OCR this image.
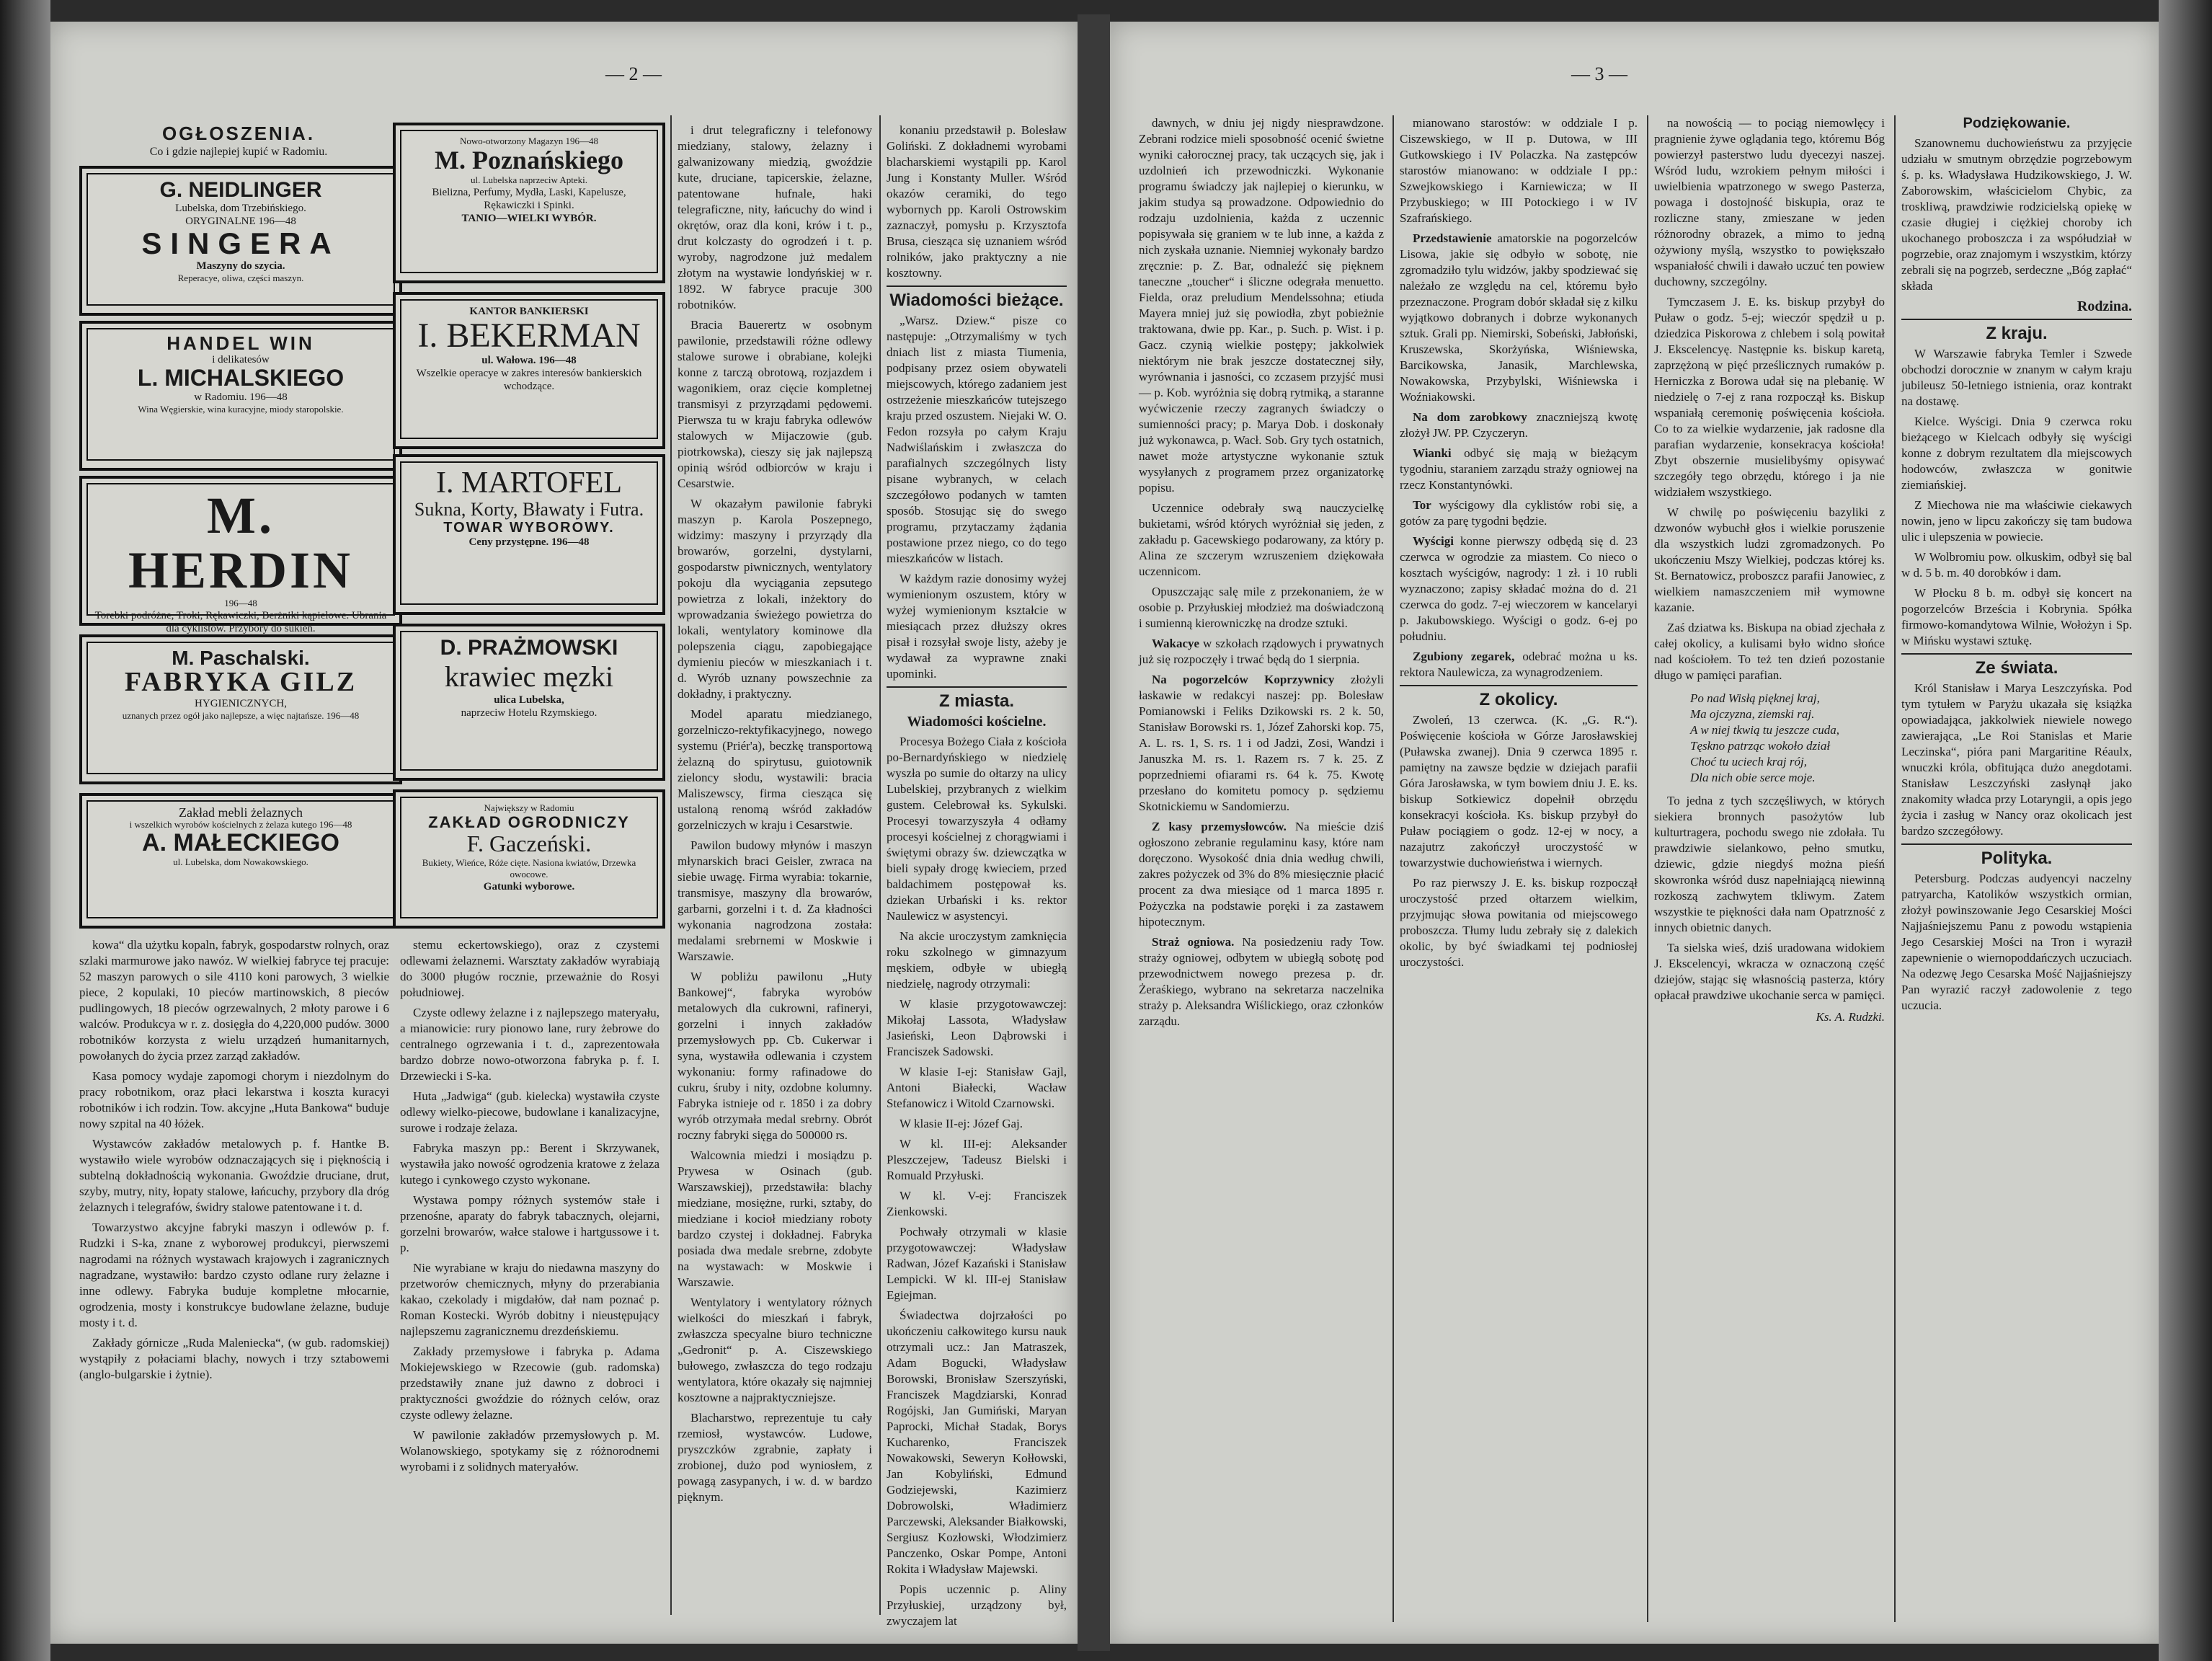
— 2 —
OGŁOSZENIA.
Co i gdzie najlepiej kupić w Radomiu.
G. NEIDLINGER
Lubelska, dom Trzebińskiego.
ORYGINALNE 196—48
SINGERA
Maszyny do szycia.
Reperacye, oliwa, części maszyn.
HANDEL WIN
i delikatesów
L. MICHALSKIEGO
w Radomiu. 196—48
Wina Węgierskie, wina kuracyjne, miody staropolskie.
M. HERDIN
196—48
Torebki podróżne, Troki, Rękawiczki, Berżniki kąpielowe. Ubrania dla cyklistów. Przybory do sukien.
M. Paschalski.
FABRYKA GILZ
HYGIENICZNYCH,
uznanych przez ogół jako najlepsze, a więc najtańsze. 196—48
Zakład mebli żelaznych
i wszelkich wyrobów kościelnych z żelaza kutego 196—48
A. MAŁECKIEGO
ul. Lubelska, dom Nowakowskiego.
Nowo-otworzony Magazyn 196—48
M. Poznańskiego
ul. Lubelska naprzeciw Apteki.
Bielizna, Perfumy, Mydła, Laski, Kapelusze, Rękawiczki i Spinki.
TANIO—WIELKI WYBÓR.
KANTOR BANKIERSKI
I. BEKERMAN
ul. Wałowa. 196—48
Wszelkie operacye w zakres interesów bankierskich wchodzące.
I. MARTOFEL
Sukna, Korty, Bławaty i Futra.
TOWAR WYBOROWY.
Ceny przystępne. 196—48
D. PRAŻMOWSKI
krawiec męzki
ulica Lubelska,
naprzeciw Hotelu Rzymskiego.
Największy w Radomiu
ZAKŁAD OGRODNICZY
F. Gaczeński.
Bukiety, Wieńce, Róże cięte. Nasiona kwiatów, Drzewka owocowe.
Gatunki wyborowe.

kowa“ dla użytku kopaln, fabryk, gospodarstw rolnych, oraz szlaki marmurowe jako nawóz. W wielkiej fabryce tej pracuje: 52 maszyn parowych o sile 4110 koni parowych, 3 wielkie piece, 2 kopulaki, 10 pieców martinowskich, 8 pieców pudlingowych, 18 pieców ogrzewalnych, 2 młoty parowe i 6 walców. Produkcya w r. z. dosięgła do 4,220,000 pudów. 3000 robotników korzysta z wielu urządzeń humanitarnych, powołanych do życia przez zarząd zakładów.

Kasa pomocy wydaje zapomogi chorym i niezdolnym do pracy robotnikom, oraz płaci lekarstwa i koszta kuracyi robotników i ich rodzin. Tow. akcyjne „Huta Bankowa“ buduje nowy szpital na 40 łóżek.

Wystawców zakładów metalowych p. f. Hantke B. wystawiło wiele wyrobów odznaczających się i pięknością i subtelną dokładnością wykonania. Gwoździe druciane, drut, szyby, mutry, nity, łopaty stalowe, łańcuchy, przybory dla dróg żelaznych i telegrafów, świdry stalowe patentowane i t. d.

Towarzystwo akcyjne fabryki maszyn i odlewów p. f. Rudzki i S-ka, znane z wyborowej produkcyi, pierwszemi nagrodami na różnych wystawach krajowych i zagranicznych nagradzane, wystawiło: bardzo czysto odlane rury żelazne i inne odlewy. Fabryka buduje kompletne młocarnie, ogrodzenia, mosty i konstrukcye budowlane żelazne, buduje mosty i t. d.

Zakłady górnicze „Ruda Maleniecka“, (w gub. radomskiej) wystąpiły z połaciami blachy, nowych i trzy sztabowemi (anglo-bulgarskie i żytnie).

stemu eckertowskiego), oraz z czystemi odlewami żelaznemi. Warsztaty zakładów wyrabiają do 3000 pługów rocznie, przeważnie do Rosyi południowej.

Czyste odlewy żelazne i z najlepszego materyału, a mianowicie: rury pionowo lane, rury żebrowe do centralnego ogrzewania i t. d., zaprezentowała bardzo dobrze nowo-otworzona fabryka p. f. I. Drzewiecki i S-ka.

Huta „Jadwiga“ (gub. kielecka) wystawiła czyste odlewy wielko-piecowe, budowlane i kanalizacyjne, surowe i rodzaje żelaza.

Fabryka maszyn pp.: Berent i Skrzywanek, wystawiła jako nowość ogrodzenia kratowe z żelaza kutego i cynkowego czysto wykonane.

Wystawa pompy różnych systemów stałe i przenośne, aparaty do fabryk tabacznych, olejarni, gorzelni browarów, wałce stalowe i hartgussowe i t. p.

Nie wyrabiane w kraju do niedawna maszyny do przetworów chemicznych, młyny do przerabiania kakao, czekolady i migdałów, dał nam poznać p. Roman Kostecki. Wyrób dobitny i nieustępujący najlepszemu zagranicznemu drezdeńskiemu.

Zakłady przemysłowe i fabryka p. Adama Mokiejewskiego w Rzecowie (gub. radomska) przedstawiły znane już dawno z dobroci i praktyczności gwoździe do różnych celów, oraz czyste odlewy żelazne.

W pawilonie zakładów przemysłowych p. M. Wolanowskiego, spotykamy się z różnorodnemi wyrobami i z solidnych materyałów.

i drut telegraficzny i telefonowy miedziany, stalowy, żelazny i galwanizowany miedzią, gwoździe kute, druciane, tapicerskie, żelazne, patentowane hufnale, haki telegraficzne, nity, łańcuchy do wind i okrętów, oraz dla koni, krów i t. p., drut kolczasty do ogrodzeń i t. p. wyroby, nagrodzone już medalem złotym na wystawie londyńskiej w r. 1892. W fabryce pracuje 300 robotników.

Bracia Bauerertz w osobnym pawilonie, przedstawili różne odlewy stalowe surowe i obrabiane, kolejki konne z tarczą obrotową, rozjazdem i wagonikiem, oraz cięcie kompletnej transmisyi z przyrządami pędowemi. Pierwsza tu w kraju fabryka odlewów stalowych w Mijaczowie (gub. piotrkowska), cieszy się jak najlepszą opinią wśród odbiorców w kraju i Cesarstwie.

W okazałym pawilonie fabryki maszyn p. Karola Poszepnego, widzimy: maszyny i przyrządy dla browarów, gorzelni, dystylarni, gospodarstw piwnicznych, wentylatory pokoju dla wyciągania zepsutego powietrza z lokali, inżektory do wprowadzania świeżego powietrza do lokali, wentylatory kominowe dla polepszenia ciągu, zapobiegające dymieniu pieców w mieszkaniach i t. d. Wyrób uznany powszechnie za dokładny, i praktyczny.

Model aparatu miedzianego, gorzelniczo-rektyfikacyjnego, nowego systemu (Priér'a), beczkę transportową żelazną do spirytusu, guiotownik zieloncy słodu, wystawili: bracia Maliszewscy, firma ciesząca się ustaloną renomą wśród zakładów gorzelniczych w kraju i Cesarstwie.

Pawilon budowy młynów i maszyn młynarskich braci Geisler, zwraca na siebie uwagę. Firma wyrabia: tokarnie, transmisye, maszyny dla browarów, garbarni, gorzelni i t. d. Za kładności wykonania nagrodzona została: medalami srebrnemi w Moskwie i Warszawie.

W pobliżu pawilonu „Huty Bankowej“, fabryka wyrobów metalowych dla cukrowni, rafineryi, gorzelni i innych zakładów przemysłowych pp. Cb. Cukerwar i syna, wystawiła odlewania i czystem wykonaniu: formy rafinadowe do cukru, śruby i nity, ozdobne kolumny. Fabryka istnieje od r. 1850 i za dobry wyrób otrzymała medal srebrny. Obrót roczny fabryki sięga do 500000 rs.

Walcownia miedzi i mosiądzu p. Prywesa w Osinach (gub. Warszawskiej), przedstawiła: blachy miedziane, mosiężne, rurki, sztaby, do miedziane i kocioł miedziany roboty bardzo czystej i dokładnej. Fabryka posiada dwa medale srebrne, zdobyte na wystawach: w Moskwie i Warszawie.

Wentylatory i wentylatory różnych wielkości do mieszkań i fabryk, zwłaszcza specyalne biuro techniczne „Gedronit“ p. A. Ciszewskiego bułowego, zwłaszcza do tego rodzaju wentylatora, które okazały się najmniej kosztowne a najpraktyczniejsze.

Blacharstwo, reprezentuje tu cały rzemiosł, wystawców. Ludowe, pryszczków zgrabnie, zapłaty i zrobionej, dużo pod wyniosłem, z powagą zasypanych, i w. d. w bardzo pięknym.

konaniu przedstawił p. Bolesław Goliński. Z dokładnemi wyrobami blacharskiemi wystąpili pp. Karol Jung i Konstanty Muller. Wśród okazów ceramiki, do tego wybornych pp. Karoli Ostrowskim zaznaczył, pomysłu p. Krzysztofa Brusa, ciesząca się uznaniem wśród rolników, jako praktyczny a nie kosztowny.

Wiadomości bieżące.

„Warsz. Dziew.“ pisze co następuje: „Otrzymaliśmy w tych dniach list z miasta Tiumenia, podpisany przez osiem obywateli miejscowych, którego zadaniem jest ostrzeżenie mieszkańców tutejszego kraju przed oszustem. Niejaki W. O. Fedon rozsyła po całym Kraju Nadwiślańskim i zwłaszcza do parafialnych szczególnych listy pisane wybranych, w celach szczegółowo podanych w tamten sposób. Stosując się do swego programu, przytaczamy żądania postawione przez niego, co do tego mieszkańców w listach.

W każdym razie donosimy wyżej wymienionym oszustem, który w wyżej wymienionym kształcie w miesiącach przez dłuższy okres pisał i rozsyłał swoje listy, ażeby je wydawał za wyprawne znaki upominki.

Z miasta.
Wiadomości kościelne.

Procesya Bożego Ciała z kościoła po-Bernardyńskiego w niedzielę wyszła po sumie do ołtarzy na ulicy Lubelskiej, przybranych z wielkim gustem. Celebrował ks. Sykulski. Procesyi towarzyszyła 4 odłamy procesyi kościelnej z chorągwiami i świętymi obrazy św. dziewczątka w bieli sypały drogę kwieciem, przed baldachimem postępował ks. dziekan Urbański i ks. rektor Naulewicz w asystencyi.

Na akcie uroczystym zamknięcia roku szkolnego w gimnazyum męskiem, odbyłe w ubiegłą niedzielę, nagrody otrzymali:

W klasie przygotowawczej: Mikołaj Lassota, Władysław Jasieński, Leon Dąbrowski i Franciszek Sadowski.

W klasie I-ej: Stanisław Gajl, Antoni Białecki, Wacław Stefanowicz i Witold Czarnowski.

W klasie II-ej: Józef Gaj.

W kl. III-ej: Aleksander Pleszczejew, Tadeusz Bielski i Romuald Przyłuski.

W kl. V-ej: Franciszek Zienkowski.

Pochwały otrzymali w klasie przygotowawczej: Władysław Radwan, Józef Kazański i Stanisław Lempicki. W kl. III-ej Stanisław Egiejman.

Świadectwa dojrzałości po ukończeniu całkowitego kursu nauk otrzymali ucz.: Jan Matraszek, Adam Bogucki, Władysław Borowski, Bronisław Szerszyński, Franciszek Magdziarski, Konrad Rogójski, Jan Gumiński, Maryan Paprocki, Michał Stadak, Borys Kucharenko, Franciszek Nowakowski, Seweryn Kołłowski, Jan Kobyliński, Edmund Godziejewski, Kazimierz Dobrowolski, Władimierz Parczewski, Aleksander Białkowski, Sergiusz Kozłowski, Włodzimierz Panczenko, Oskar Pompe, Antoni Rokita i Władysław Majewski.

Popis uczennic p. Aliny Przyłuskiej, urządzony był, zwyczajem lat

— 3 —

dawnych, w dniu jej nigdy niesprawdzone. Zebrani rodzice mieli sposobność ocenić świetne wyniki całorocznej pracy, tak uczących się, jak i uzdolnień ich przewodniczki. Wykonanie programu świadczy jak najlepiej o kierunku, w jakim studya są prowadzone. Odpowiednio do rodzaju uzdolnienia, każda z uczennic popisywała się graniem w te lub inne, a każda z nich zyskała uznanie. Niemniej wykonały bardzo zręcznie: p. Z. Bar, odnaleźć się pięknem taneczne „toucher“ i śliczne odegrała menuetto. Fielda, oraz preludium Mendelssohna; etiuda Mayera mniej już się powiodła, zbyt pobieżnie traktowana, dwie pp. Kar., p. Such. p. Wist. i p. Gacz. czynią wielkie postępy; jakkolwiek niektórym nie brak jeszcze dostatecznej siły, wyrównania i jasności, co zczasem przyjść musi — p. Kob. wyróżnia się dobrą rytmiką, a staranne wyćwiczenie rzeczy zagranych świadczy o sumienności pracy; p. Marya Dob. i doskonały już wykonawca, p. Wacł. Sob. Gry tych ostatnich, nawet może artystyczne wykonanie sztuk wysyłanych z programem przez organizatorkę popisu.

Uczennice odebrały swą nauczycielkę bukietami, wśród których wyróżniał się jeden, z zakładu p. Gacewskiego podarowany, za który p. Alina ze szczerym wzruszeniem dziękowała uczennicom.

Opuszczając salę mile z przekonaniem, że w osobie p. Przyłuskiej młodzież ma doświadczoną i sumienną kierowniczkę na drodze sztuki.

Wakacye w szkołach rządowych i prywatnych już się rozpoczęły i trwać będą do 1 sierpnia.

Na pogorzelców Koprzywnicy złożyli łaskawie w redakcyi naszej: pp. Bolesław Pomianowski i Feliks Dzikowski rs. 2 k. 50, Stanisław Borowski rs. 1, Józef Zahorski kop. 75, A. L. rs. 1, S. rs. 1 i od Jadzi, Zosi, Wandzi i Januszka M. rs. 1. Razem rs. 7 k. 25. Z poprzedniemi ofiarami rs. 64 k. 75. Kwotę przesłano do komitetu pomocy p. sędziemu Skotnickiemu w Sandomierzu.

Z kasy przemysłowców. Na mieście dziś ogłoszono zebranie regulaminu kasy, które nam doręczono. Wysokość dnia dnia według chwili, zakres pożyczek od 3% do 8% miesięcznie płacić procent za dwa miesiące od 1 marca 1895 r. Pożyczka na podstawie poręki i za zastawem hipotecznym.

Straż ogniowa. Na posiedzeniu rady Tow. straży ogniowej, odbytem w ubiegłą sobotę pod przewodnictwem nowego prezesa p. dr. Żeraśkiego, wybrano na sekretarza naczelnika straży p. Aleksandra Wiślickiego, oraz członków zarządu.

mianowano starostów: w oddziale I p. Ciszewskiego, w II p. Dutowa, w III Gutkowskiego i IV Polaczka. Na zastępców starostów mianowano: w oddziale I pp.: Szwejkowskiego i Karniewicza; w II Przybuskiego; w III Potockiego i w IV Szafrańskiego.

Przedstawienie amatorskie na pogorzelców Lisowa, jakie się odbyło w sobotę, nie zgromadziło tylu widzów, jakby spodziewać się należało ze względu na cel, któremu było przeznaczone. Program dobór składał się z kilku wyjątkowo dobranych i dobrze wykonanych sztuk. Grali pp. Niemirski, Sobeński, Jabłoński, Kruszewska, Skorżyńska, Wiśniewska, Barcikowska, Janasik, Marchlewska, Nowakowska, Przybylski, Wiśniewska i Woźniakowski.

Na dom zarobkowy znaczniejszą kwotę złożył JW. PP. Czyczeryn.

Wianki odbyć się mają w bieżącym tygodniu, staraniem zarządu straży ogniowej na rzecz Konstantynówki.

Tor wyścigowy dla cyklistów robi się, a gotów za parę tygodni będzie.

Wyścigi konne pierwszy odbędą się d. 23 czerwca w ogrodzie za miastem. Co nieco o kosztach wyścigów, nagrody: 1 zł. i 10 rubli wyznaczono; zapisy składać można do d. 21 czerwca do godz. 7-ej wieczorem w kancelaryi p. Jakubowskiego. Wyścigi o godz. 6-ej po południu.

Zgubiony zegarek, odebrać można u ks. rektora Naulewicza, za wynagrodzeniem.

Z okolicy.

Zwoleń, 13 czerwca. (K. „G. R.“). Poświęcenie kościoła w Górze Jarosławskiej (Puławska zwanej). Dnia 9 czerwca 1895 r. pamiętny na zawsze będzie w dziejach parafii Góra Jarosławska, w tym bowiem dniu J. E. ks. biskup Sotkiewicz dopełnił obrzędu konsekracyi kościoła. Ks. biskup przybył do Puław pociągiem o godz. 12-ej w nocy, a nazajutrz zakończył uroczystość w towarzystwie duchowieństwa i wiernych.

Po raz pierwszy J. E. ks. biskup rozpoczął uroczystość przed ołtarzem wielkim, przyjmując słowa powitania od miejscowego proboszcza. Tłumy ludu zebrały się z dalekich okolic, by być świadkami tej podniosłej uroczystości.

na nowością — to pociąg niemowlęcy i pragnienie żywe oglądania tego, któremu Bóg powierzył pasterstwo ludu dyecezyi naszej. Wśród ludu, wzrokiem pełnym miłości i uwielbienia wpatrzonego w swego Pasterza, powaga i dostojność biskupia, oraz te rozliczne stany, zmieszane w jeden różnorodny obrazek, a mimo to jedną ożywiony myślą, wszystko to powiększało wspaniałość chwili i dawało uczuć ten powiew duchowny, szczególny.

Tymczasem J. E. ks. biskup przybył do Puław o godz. 5-ej; wieczór spędził u p. dziedzica Piskorowa z chlebem i solą powitał J. Ekscelencyę. Następnie ks. biskup karetą, zaprzężoną w pięć prześlicznych rumaków p. Herniczka z Borowa udał się na plebanię. W niedzielę o 7-ej z rana rozpoczął ks. Biskup wspaniałą ceremonię poświęcenia kościoła. Co to za wielkie wydarzenie, jak radosne dla parafian wydarzenie, konsekracya kościoła! Zbyt obszernie musielibyśmy opisywać szczegóły tego obrzędu, którego i ja nie widziałem wszystkiego.

W chwilę po poświęceniu bazyliki z dzwonów wybuchł głos i wielkie poruszenie dla wszystkich ludzi zgromadzonych. Po ukończeniu Mszy Wielkiej, podczas której ks. St. Bernatowicz, proboszcz parafii Janowiec, z wielkiem namaszczeniem mił wymowne kazanie.

Zaś dziatwa ks. Biskupa na obiad zjechała z całej okolicy, a kulisami było widno słońce nad kościołem. To też ten dzień pozostanie długo w pamięci parafian.

Po nad Wisłą pięknej kraj,
Ma ojczyzna, ziemski raj.
A w niej tkwią tu jeszcze cuda,
Tęskno patrząc wokoło dział
Choć tu uciech kraj rój,
Dla nich obie serce moje.

To jedna z tych szczęśliwych, w których siekiera bronnych pasożytów lub kulturtragera, pochodu swego nie zdołała. Tu prawdziwie sielankowo, pełno smutku, dziewic, gdzie niegdyś można pieśń skowronka wśród dusz napełniającą niewinną rozkoszą zachwytem tkliwym. Zatem wszystkie te piękności dała nam Opatrzność z innych obietnic danych.

Ta sielska wieś, dziś uradowana widokiem J. Ekscelencyi, wkracza w oznaczoną część dziejów, stając się własnością pasterza, który opłacał prawdziwe ukochanie serca w pamięci.

Ks. A. Rudzki.
Podziękowanie.

Szanownemu duchowieństwu za przyjęcie udziału w smutnym obrzędzie pogrzebowym ś. p. ks. Władysława Hudzikowskiego, J. W. Zaborowskim, właścicielom Chybic, za troskliwą, prawdziwie rodzicielską opiekę w czasie długiej i ciężkiej choroby ich ukochanego proboszcza i za współudział w pogrzebie, oraz znajomym i wszystkim, którzy zebrali się na pogrzeb, serdeczne „Bóg zapłać“ składa

Rodzina.
Z kraju.

W Warszawie fabryka Temler i Szwede obchodzi dorocznie w znanym w całym kraju jubileusz 50-letniego istnienia, oraz kontrakt na dostawę.

Kielce. Wyścigi. Dnia 9 czerwca roku bieżącego w Kielcach odbyły się wyścigi konne z dobrym rezultatem dla miejscowych hodowców, zwłaszcza w gonitwie ziemiańskiej.

Z Miechowa nie ma właściwie ciekawych nowin, jeno w lipcu zakończy się tam budowa ulic i ulepszenia w powiecie.

W Wolbromiu pow. olkuskim, odbył się bal w d. 5 b. m. 40 dorobków i dam.

W Płocku 8 b. m. odbył się koncert na pogorzelców Brześcia i Kobrynia. Spółka firmowo-komandytowa Wilnie, Wołożyn i Sp. w Mińsku wystawi sztukę.

Ze świata.

Król Stanisław i Marya Leszczyńska. Pod tym tytułem w Paryżu ukazała się książka opowiadająca, jakkolwiek niewiele nowego zawierająca, „Le Roi Stanislas et Marie Leczinska“, pióra pani Margaritine Réaulx, wnuczki króla, obfitująca dużo anegdotami. Stanisław Leszczyński zasłynął jako znakomity władca przy Lotaryngii, a opis jego życia i zasług w Nancy oraz okolicach jest bardzo szczegółowy.

Polityka.

Petersburg. Podczas audyencyi naczelny patryarcha, Katolików wszystkich ormian, złożył powinszowanie Jego Cesarskiej Mości Najjaśniejszemu Panu z powodu wstąpienia Jego Cesarskiej Mości na Tron i wyraził zapewnienie o wiernopoddańczych uczuciach. Na odezwę Jego Cesarska Mość Najjaśniejszy Pan wyrazić raczył zadowolenie z tego uczucia.
